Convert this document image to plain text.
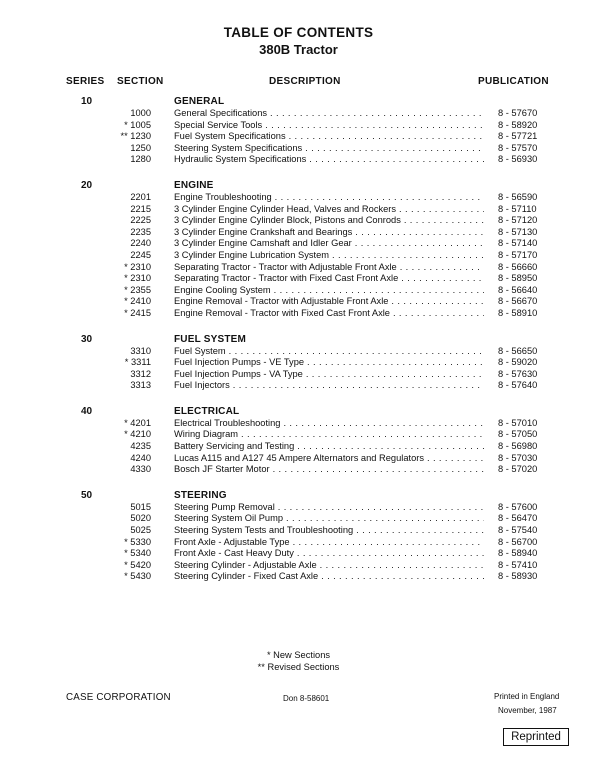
TABLE OF CONTENTS
380B Tractor
SERIES SECTION	DESCRIPTION	PUBLICATION
10	GENERAL
1000 General Specifications . . .	8 - 57670
* 1005 Special Service Tools . . .	8 - 58920
** 1230 Fuel System Specifications . . .	8 - 57721
1250 Steering System Specifications . . .	8 - 57570
1280 Hydraulic System Specifications . . .	8 - 56930
20	ENGINE
2201 Engine Troubleshooting . . .	8 - 56590
2215 3 Cylinder Engine Cylinder Head, Valves and Rockers . . .	8 - 57110
2225 3 Cylinder Engine Cylinder Block, Pistons and Conrods . . .	8 - 57120
2235 3 Cylinder Engine Crankshaft and Bearings . . .	8 - 57130
2240 3 Cylinder Engine Camshaft and Idler Gear . . .	8 - 57140
2245 3 Cylinder Engine Lubrication System . . .	8 - 57170
* 2310 Separating Tractor - Tractor with Adjustable Front Axle . . .	8 - 56660
* 2310 Separating Tractor - Tractor with Fixed Cast Front Axle . . .	8 - 58950
* 2355 Engine Cooling System . . .	8 - 56640
* 2410 Engine Removal - Tractor with Adjustable Front Axle . . .	8 - 56670
* 2415 Engine Removal - Tractor with Fixed Cast Front Axle . . .	8 - 58910
30	FUEL SYSTEM
3310 Fuel System . . .	8 - 56650
* 3311 Fuel Injection Pumps - VE Type . . .	8 - 59020
3312 Fuel Injection Pumps - VA Type . . .	8 - 57630
3313 Fuel Injectors . . .	8 - 57640
40	ELECTRICAL
* 4201 Electrical Troubleshooting . . .	8 - 57010
* 4210 Wiring Diagram . . .	8 - 57050
4235 Battery Servicing and Testing . . .	8 - 56980
4240 Lucas A115 and A127 45 Ampere Alternators and Regulators . . .	8 - 57030
4330 Bosch JF Starter Motor . . .	8 - 57020
50	STEERING
5015 Steering Pump Removal . . .	8 - 57600
5020 Steering System Oil Pump . . .	8 - 56470
5025 Steering System Tests and Troubleshooting . . .	8 - 57540
* 5330 Front Axle - Adjustable Type . . .	8 - 56700
* 5340 Front Axle - Cast Heavy Duty . . .	8 - 58940
* 5420 Steering Cylinder - Adjustable Axle . . .	8 - 57410
* 5430 Steering Cylinder - Fixed Cast Axle . . .	8 - 58930
* New Sections
** Revised Sections
CASE CORPORATION	Don 8-58601	Printed in England
November, 1987
Reprinted
